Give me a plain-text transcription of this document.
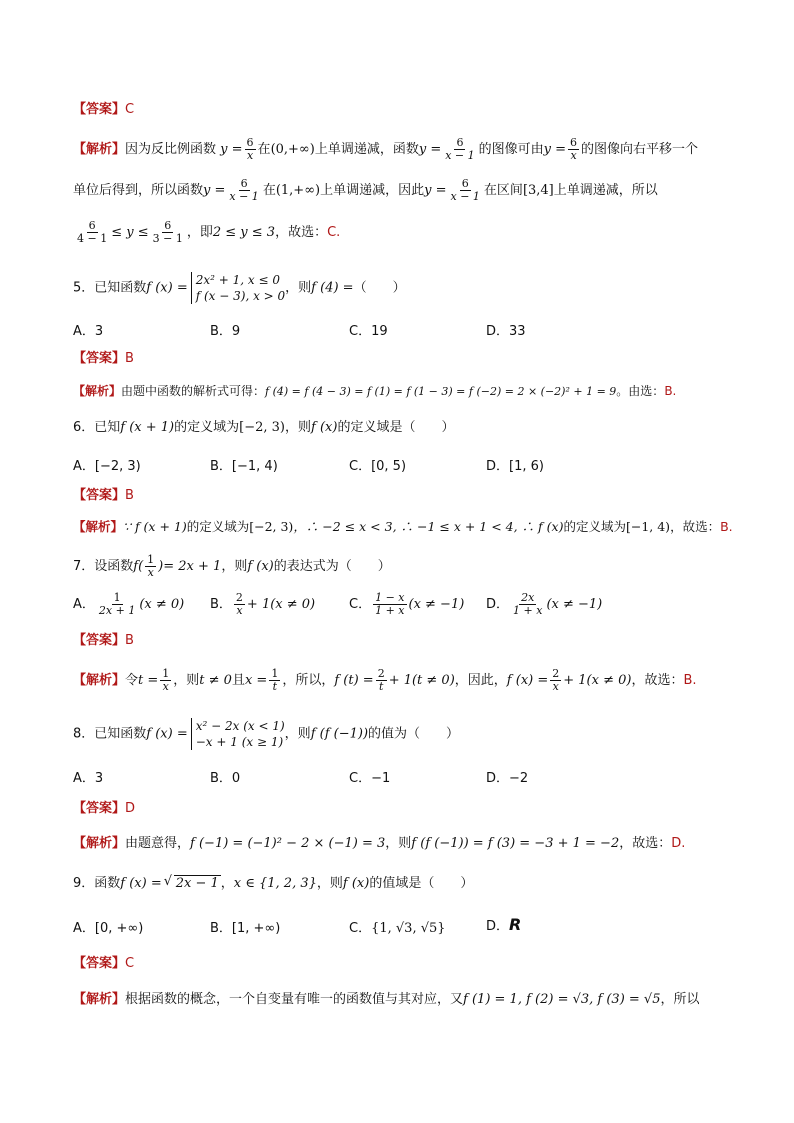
【答案】C
【解析】因为反比例函数 $y = \frac{6}{x}$ 在(0,+∞)上单调递减，函数$y = \frac{6}{x - 1}$ 的图像可由$y = \frac{6}{x}$ 的图像向右平移一个
单位后得到，所以函数$y = \frac{6}{x - 1}$ 在(1,+∞)上单调递减，因此$y = \frac{6}{x - 1}$ 在区间[3,4]上单调递减，所以
$\frac{6}{4 - 1} \le y \le \frac{6}{3 - 1}$ ，即2 ≤ y ≤ 3，故选：C.
5．已知函数f (x) =
2x² + 1, x ≤ 0
f (x − 3), x > 0
，则f (4) =（　　）
A．3	B．9	C．19	D．33
【答案】B
【解析】由题中函数的解析式可得：f (4) = f (4 − 3) = f (1) = f (1 − 3) = f (−2) = 2 × (−2)² + 1 = 9。由选：B.
6．已知f (x + 1)的定义域为[−2, 3)，则f (x)的定义域是（　　）
A．[−2, 3)	B．[−1, 4)	C．[0, 5)	D．[1, 6)
【答案】B
【解析】∵ f (x + 1)的定义域为[−2, 3)，∴ −2 ≤ x < 3, ∴ −1 ≤ x + 1 < 4, ∴ f (x)的定义域为[−1, 4)，故选：B.
7．设函数$f( \frac{1}{x}$ )= 2x + 1，则f (x)的表达式为（　　）
A． $\frac{1}{2x + 1} (x \ne 0)$ B． $\frac{2}{x} + 1(x \ne 0)$	C． $\frac{1 - x}{1 + x} (x \ne -1)$ D． $\frac{2x}{1 + x} (x \ne -1)$
【答案】B
【解析】令$t = \frac{1}{x}$ ，则t ≠ 0且$x = \frac{1}{t}$ ，所以，f $(t) = \frac{2}{t} + 1(t \ne 0)$，因此，f $(x) = \frac{2}{x} + 1(x \ne 0)$，故选：B.
8．已知函数f (x) =
x² − 2x (x < 1)
−x + 1 (x ≥ 1)
，则f (f (−1))的值为（　　）
A．3	B．0	C．−1	D．−2
【答案】D
【解析】由题意得，f (−1) = (−1)² − 2 × (−1) = 3，则f (f (−1)) = f (3) = −3 + 1 = −2，故选：D.
9．函数f (x) =√ 2x − 1 ，x ∈ {1, 2, 3}，则f (x)的值域是（　　）
A．[0, +∞)	B．[1, +∞)	C．{1, √3, √5}	D．R
【答案】C
【解析】根据函数的概念，一个自变量有唯一的函数值与其对应，又f (1) = 1, f (2) = √3, f (3) = √5，所以
